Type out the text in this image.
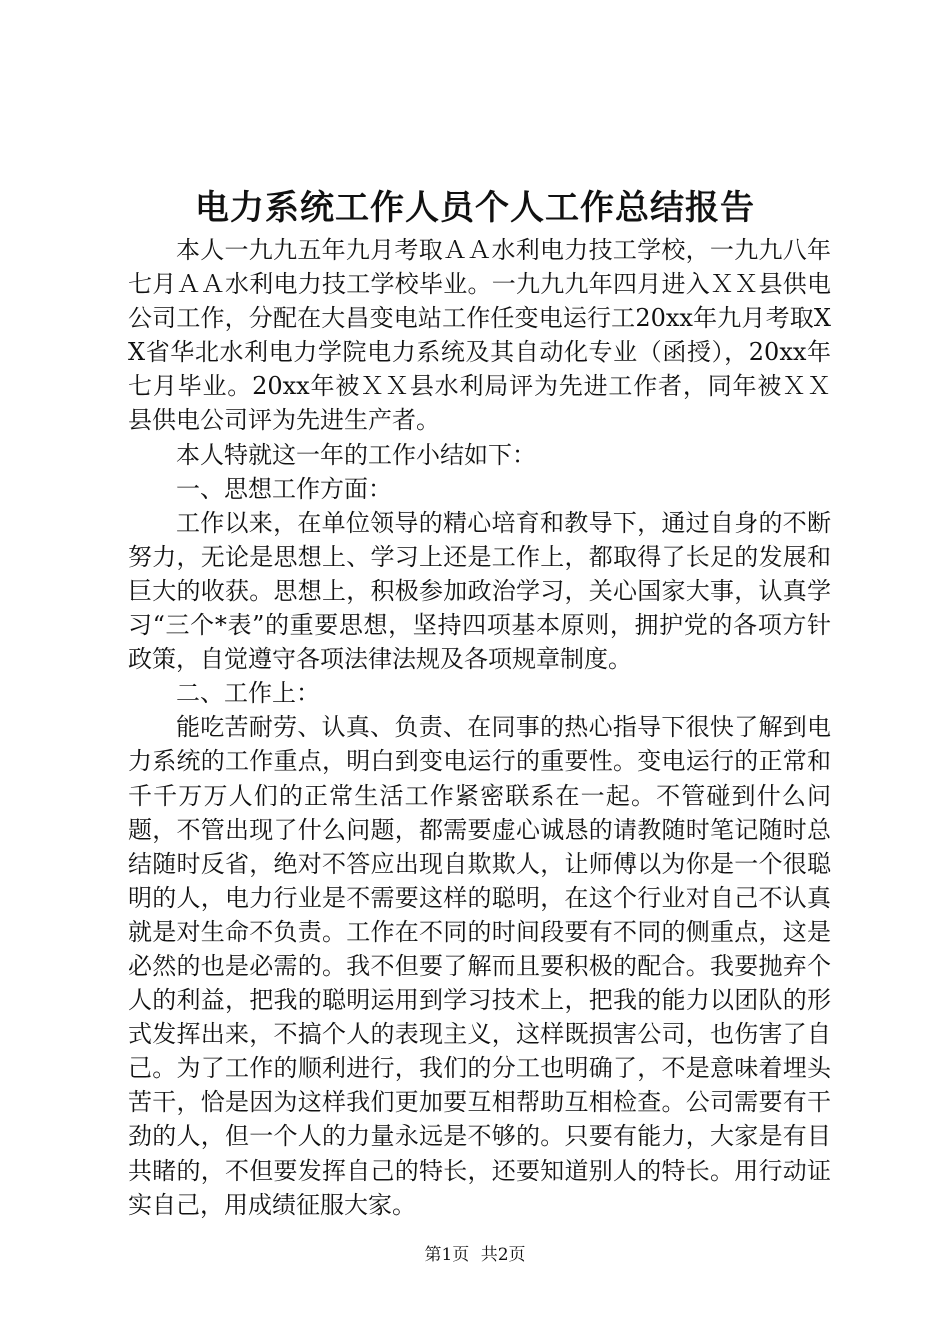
电力系统工作人员个人工作总结报告

本人一九九五年九月考取ＡＡ水利电力技工学校，一九九八年七月ＡＡ水利电力技工学校毕业。一九九九年四月进入ＸＸ县供电公司工作，分配在大昌变电站工作任变电运行工20xx年九月考取XX省华北水利电力学院电力系统及其自动化专业（函授），20xx年七月毕业。20xx年被ＸＸ县水利局评为先进工作者，同年被ＸＸ县供电公司评为先进生产者。

本人特就这一年的工作小结如下：

一、思想工作方面：

工作以来，在单位领导的精心培育和教导下，通过自身的不断努力，无论是思想上、学习上还是工作上，都取得了长足的发展和巨大的收获。思想上，积极参加政治学习，关心国家大事，认真学习“三个*表”的重要思想，坚持四项基本原则，拥护党的各项方针政策，自觉遵守各项法律法规及各项规章制度。

二、工作上：

能吃苦耐劳、认真、负责、在同事的热心指导下很快了解到电力系统的工作重点，明白到变电运行的重要性。变电运行的正常和千千万万人们的正常生活工作紧密联系在一起。不管碰到什么问题，不管出现了什么问题，都需要虚心诚恳的请教随时笔记随时总结随时反省，绝对不答应出现自欺欺人，让师傅以为你是一个很聪明的人，电力行业是不需要这样的聪明，在这个行业对自己不认真就是对生命不负责。工作在不同的时间段要有不同的侧重点，这是必然的也是必需的。我不但要了解而且要积极的配合。我要抛弃个人的利益，把我的聪明运用到学习技术上，把我的能力以团队的形式发挥出来，不搞个人的表现主义，这样既损害公司，也伤害了自己。为了工作的顺利进行，我们的分工也明确了，不是意味着埋头苦干，恰是因为这样我们更加要互相帮助互相检查。公司需要有干劲的人，但一个人的力量永远是不够的。只要有能力，大家是有目共睹的，不但要发挥自己的特长，还要知道别人的特长。用行动证实自己，用成绩征服大家。

第1页 共2页
